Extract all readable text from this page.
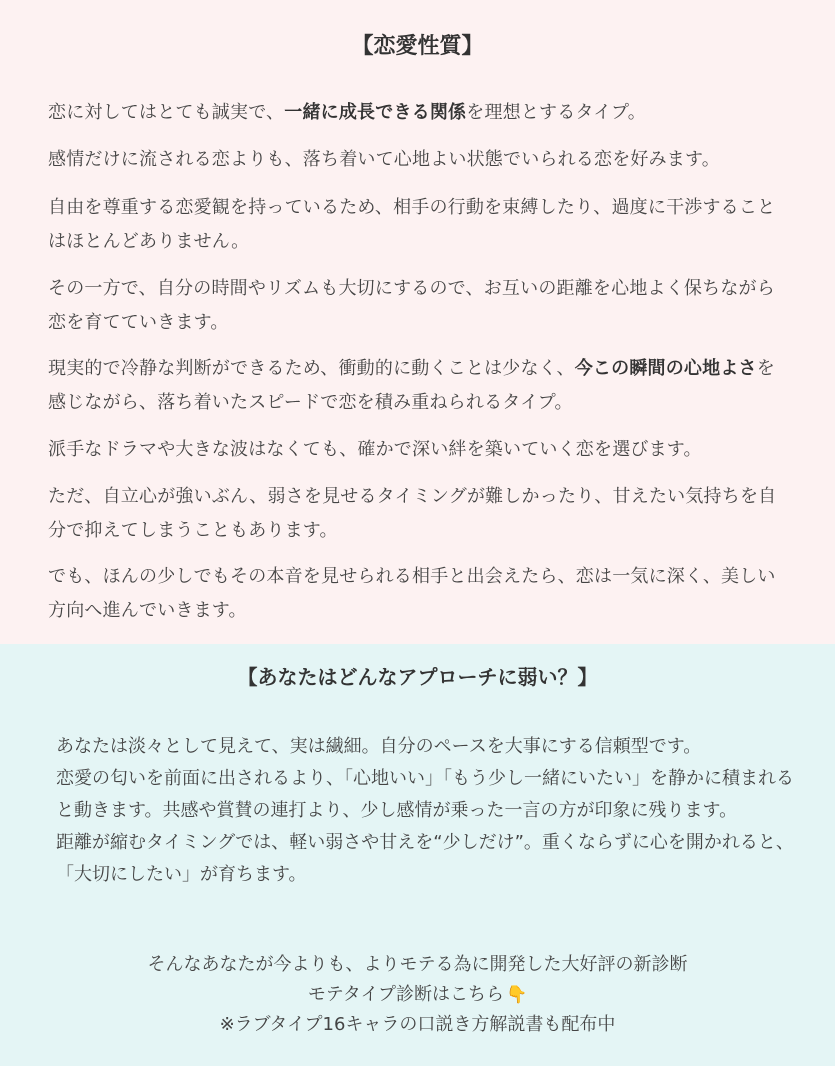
【恋愛性質】
恋に対してはとても誠実で、一緒に成長できる関係を理想とするタイプ。
感情だけに流される恋よりも、落ち着いて心地よい状態でいられる恋を好みます。
自由を尊重する恋愛観を持っているため、相手の行動を束縛したり、過度に干渉することはほとんどありません。
その一方で、自分の時間やリズムも大切にするので、お互いの距離を心地よく保ちながら恋を育てていきます。
現実的で冷静な判断ができるため、衝動的に動くことは少なく、今この瞬間の心地よさを感じながら、落ち着いたスピードで恋を積み重ねられるタイプ。
派手なドラマや大きな波はなくても、確かで深い絆を築いていく恋を選びます。
ただ、自立心が強いぶん、弱さを見せるタイミングが難しかったり、甘えたい気持ちを自分で抑えてしまうこともあります。
でも、ほんの少しでもその本音を見せられる相手と出会えたら、恋は一気に深く、美しい方向へ進んでいきます。
【あなたはどんなアプローチに弱い？】
あなたは淡々として見えて、実は繊細。自分のペースを大事にする信頼型です。
恋愛の匂いを前面に出されるより、「心地いい」「もう少し一緒にいたい」を静かに積まれると動きます。共感や賞賛の連打より、少し感情が乗った一言の方が印象に残ります。
距離が縮むタイミングでは、軽い弱さや甘えを“少しだけ”。重くならずに心を開かれると、「大切にしたい」が育ちます。
そんなあなたが今よりも、よりモテる為に開発した大好評の新診断
モテタイプ診断はこちら 👇
※ラブタイプ16キャラの口説き方解説書も配布中
